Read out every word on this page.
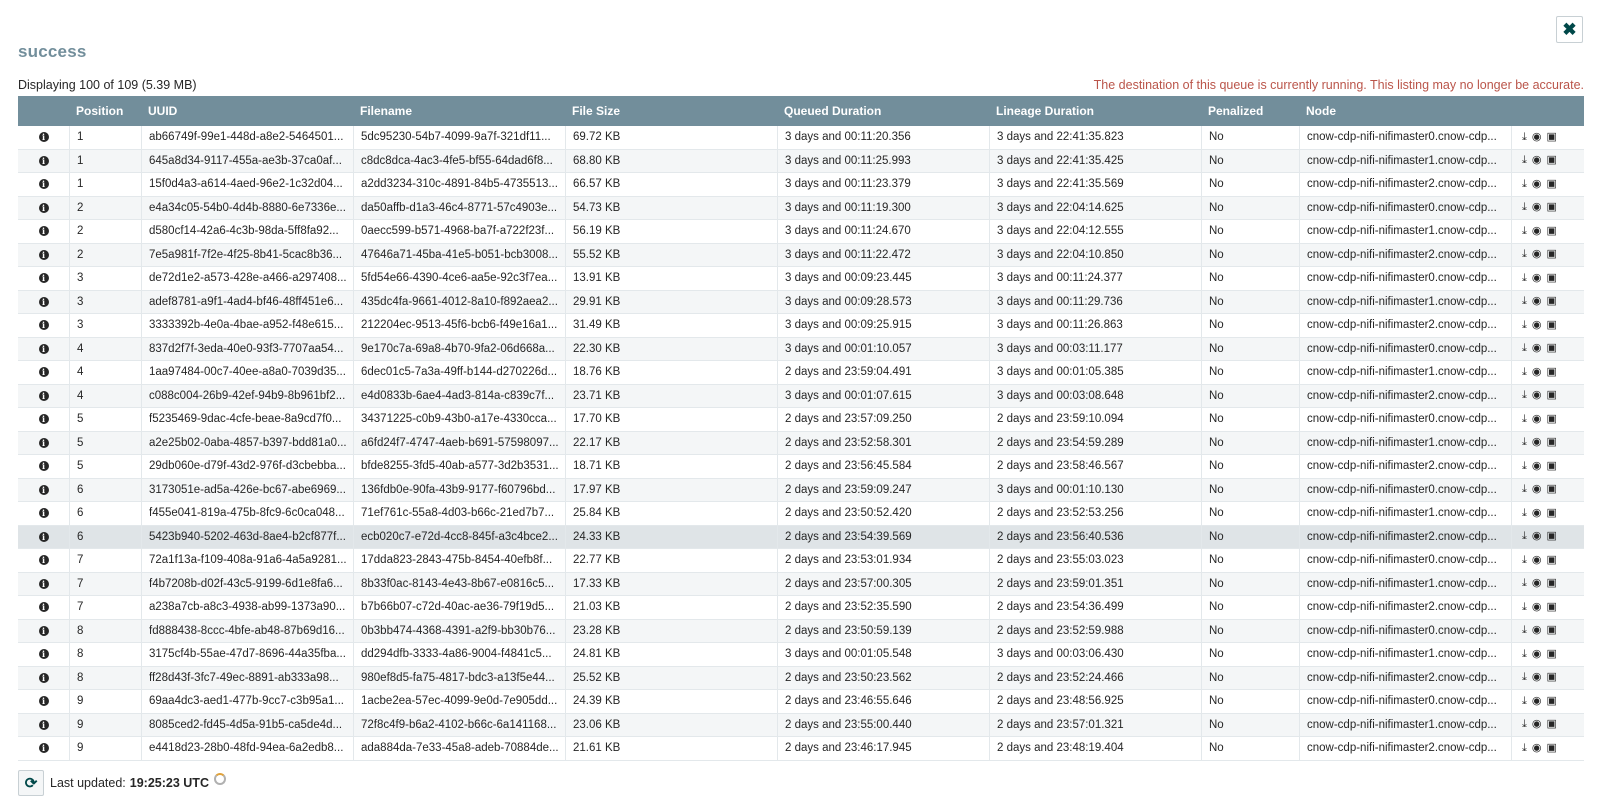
✖
success
Displaying 100 of 109 (5.39 MB)	The destination of this queue is currently running. This listing may no longer be accurate.
Position	UUID	Filename	File Size	Queued Duration	Lineage Duration	Penalized	Node
i	1	ab66749f-99e1-448d-a8e2-5464501...	5dc95230-54b7-4099-9a7f-321df11...	69.72 KB	3 days and 00:11:20.356	3 days and 22:41:35.823	No	cnow-cdp-nifi-nifimaster0.cnow-cdp...	⤓ ◉ ▣
i	1	645a8d34-9117-455a-ae3b-37ca0af...	c8dc8dca-4ac3-4fe5-bf55-64dad6f8...	68.80 KB	3 days and 00:11:25.993	3 days and 22:41:35.425	No	cnow-cdp-nifi-nifimaster1.cnow-cdp...	⤓ ◉ ▣
i	1	15f0d4a3-a614-4aed-96e2-1c32d04...	a2dd3234-310c-4891-84b5-4735513...	66.57 KB	3 days and 00:11:23.379	3 days and 22:41:35.569	No	cnow-cdp-nifi-nifimaster2.cnow-cdp...	⤓ ◉ ▣
i	2	e4a34c05-54b0-4d4b-8880-6e7336e...	da50affb-d1a3-46c4-8771-57c4903e...	54.73 KB	3 days and 00:11:19.300	3 days and 22:04:14.625	No	cnow-cdp-nifi-nifimaster0.cnow-cdp...	⤓ ◉ ▣
i	2	d580cf14-42a6-4c3b-98da-5ff8fa92...	0aecc599-b571-4968-ba7f-a722f23f...	56.19 KB	3 days and 00:11:24.670	3 days and 22:04:12.555	No	cnow-cdp-nifi-nifimaster1.cnow-cdp...	⤓ ◉ ▣
i	2	7e5a981f-7f2e-4f25-8b41-5cac8b36...	47646a71-45ba-41e5-b051-bcb3008...	55.52 KB	3 days and 00:11:22.472	3 days and 22:04:10.850	No	cnow-cdp-nifi-nifimaster2.cnow-cdp...	⤓ ◉ ▣
i	3	de72d1e2-a573-428e-a466-a297408...	5fd54e66-4390-4ce6-aa5e-92c3f7ea...	13.91 KB	3 days and 00:09:23.445	3 days and 00:11:24.377	No	cnow-cdp-nifi-nifimaster0.cnow-cdp...	⤓ ◉ ▣
i	3	adef8781-a9f1-4ad4-bf46-48ff451e6...	435dc4fa-9661-4012-8a10-f892aea2...	29.91 KB	3 days and 00:09:28.573	3 days and 00:11:29.736	No	cnow-cdp-nifi-nifimaster1.cnow-cdp...	⤓ ◉ ▣
i	3	3333392b-4e0a-4bae-a952-f48e615...	212204ec-9513-45f6-bcb6-f49e16a1...	31.49 KB	3 days and 00:09:25.915	3 days and 00:11:26.863	No	cnow-cdp-nifi-nifimaster2.cnow-cdp...	⤓ ◉ ▣
i	4	837d2f7f-3eda-40e0-93f3-7707aa54...	9e170c7a-69a8-4b70-9fa2-06d668a...	22.30 KB	3 days and 00:01:10.057	3 days and 00:03:11.177	No	cnow-cdp-nifi-nifimaster0.cnow-cdp...	⤓ ◉ ▣
i	4	1aa97484-00c7-40ee-a8a0-7039d35...	6dec01c5-7a3a-49ff-b144-d270226d...	18.76 KB	2 days and 23:59:04.491	3 days and 00:01:05.385	No	cnow-cdp-nifi-nifimaster1.cnow-cdp...	⤓ ◉ ▣
i	4	c088c004-26b9-42ef-94b9-8b961bf2...	e4d0833b-6ae4-4ad3-814a-c839c7f...	23.71 KB	3 days and 00:01:07.615	3 days and 00:03:08.648	No	cnow-cdp-nifi-nifimaster2.cnow-cdp...	⤓ ◉ ▣
i	5	f5235469-9dac-4cfe-beae-8a9cd7f0...	34371225-c0b9-43b0-a17e-4330cca...	17.70 KB	2 days and 23:57:09.250	2 days and 23:59:10.094	No	cnow-cdp-nifi-nifimaster0.cnow-cdp...	⤓ ◉ ▣
i	5	a2e25b02-0aba-4857-b397-bdd81a0...	a6fd24f7-4747-4aeb-b691-57598097...	22.17 KB	2 days and 23:52:58.301	2 days and 23:54:59.289	No	cnow-cdp-nifi-nifimaster1.cnow-cdp...	⤓ ◉ ▣
i	5	29db060e-d79f-43d2-976f-d3cbebba...	bfde8255-3fd5-40ab-a577-3d2b3531...	18.71 KB	2 days and 23:56:45.584	2 days and 23:58:46.567	No	cnow-cdp-nifi-nifimaster2.cnow-cdp...	⤓ ◉ ▣
i	6	3173051e-ad5a-426e-bc67-abe6969...	136fdb0e-90fa-43b9-9177-f60796bd...	17.97 KB	2 days and 23:59:09.247	3 days and 00:01:10.130	No	cnow-cdp-nifi-nifimaster0.cnow-cdp...	⤓ ◉ ▣
i	6	f455e041-819a-475b-8fc9-6c0ca048...	71ef761c-55a8-4d03-b66c-21ed7b7...	25.84 KB	2 days and 23:50:52.420	2 days and 23:52:53.256	No	cnow-cdp-nifi-nifimaster1.cnow-cdp...	⤓ ◉ ▣
i	6	5423b940-5202-463d-8ae4-b2cf877f...	ecb020c7-e72d-4cc8-845f-a3c4bce2...	24.33 KB	2 days and 23:54:39.569	2 days and 23:56:40.536	No	cnow-cdp-nifi-nifimaster2.cnow-cdp...	⤓ ◉ ▣
i	7	72a1f13a-f109-408a-91a6-4a5a9281...	17dda823-2843-475b-8454-40efb8f...	22.77 KB	2 days and 23:53:01.934	2 days and 23:55:03.023	No	cnow-cdp-nifi-nifimaster0.cnow-cdp...	⤓ ◉ ▣
i	7	f4b7208b-d02f-43c5-9199-6d1e8fa6...	8b33f0ac-8143-4e43-8b67-e0816c5...	17.33 KB	2 days and 23:57:00.305	2 days and 23:59:01.351	No	cnow-cdp-nifi-nifimaster1.cnow-cdp...	⤓ ◉ ▣
i	7	a238a7cb-a8c3-4938-ab99-1373a90...	b7b66b07-c72d-40ac-ae36-79f19d5...	21.03 KB	2 days and 23:52:35.590	2 days and 23:54:36.499	No	cnow-cdp-nifi-nifimaster2.cnow-cdp...	⤓ ◉ ▣
i	8	fd888438-8ccc-4bfe-ab48-87b69d16...	0b3bb474-4368-4391-a2f9-bb30b76...	23.28 KB	2 days and 23:50:59.139	2 days and 23:52:59.988	No	cnow-cdp-nifi-nifimaster0.cnow-cdp...	⤓ ◉ ▣
i	8	3175cf4b-55ae-47d7-8696-44a35fba...	dd294dfb-3333-4a86-9004-f4841c5...	24.81 KB	3 days and 00:01:05.548	3 days and 00:03:06.430	No	cnow-cdp-nifi-nifimaster1.cnow-cdp...	⤓ ◉ ▣
i	8	ff28d43f-3fc7-49ec-8891-ab333a98...	980ef8d5-fa75-4817-bdc3-a13f5e44...	25.52 KB	2 days and 23:50:23.562	2 days and 23:52:24.466	No	cnow-cdp-nifi-nifimaster2.cnow-cdp...	⤓ ◉ ▣
i	9	69aa4dc3-aed1-477b-9cc7-c3b95a1...	1acbe2ea-57ec-4099-9e0d-7e905dd...	24.39 KB	2 days and 23:46:55.646	2 days and 23:48:56.925	No	cnow-cdp-nifi-nifimaster0.cnow-cdp...	⤓ ◉ ▣
i	9	8085ced2-fd45-4d5a-91b5-ca5de4d...	72f8c4f9-b6a2-4102-b66c-6a141168...	23.06 KB	2 days and 23:55:00.440	2 days and 23:57:01.321	No	cnow-cdp-nifi-nifimaster1.cnow-cdp...	⤓ ◉ ▣
i	9	e4418d23-28b0-48fd-94ea-6a2edb8...	ada884da-7e33-45a8-adeb-70884de...	21.61 KB	2 days and 23:46:17.945	2 days and 23:48:19.404	No	cnow-cdp-nifi-nifimaster2.cnow-cdp...	⤓ ◉ ▣
⟳ Last updated: 19:25:23 UTC
